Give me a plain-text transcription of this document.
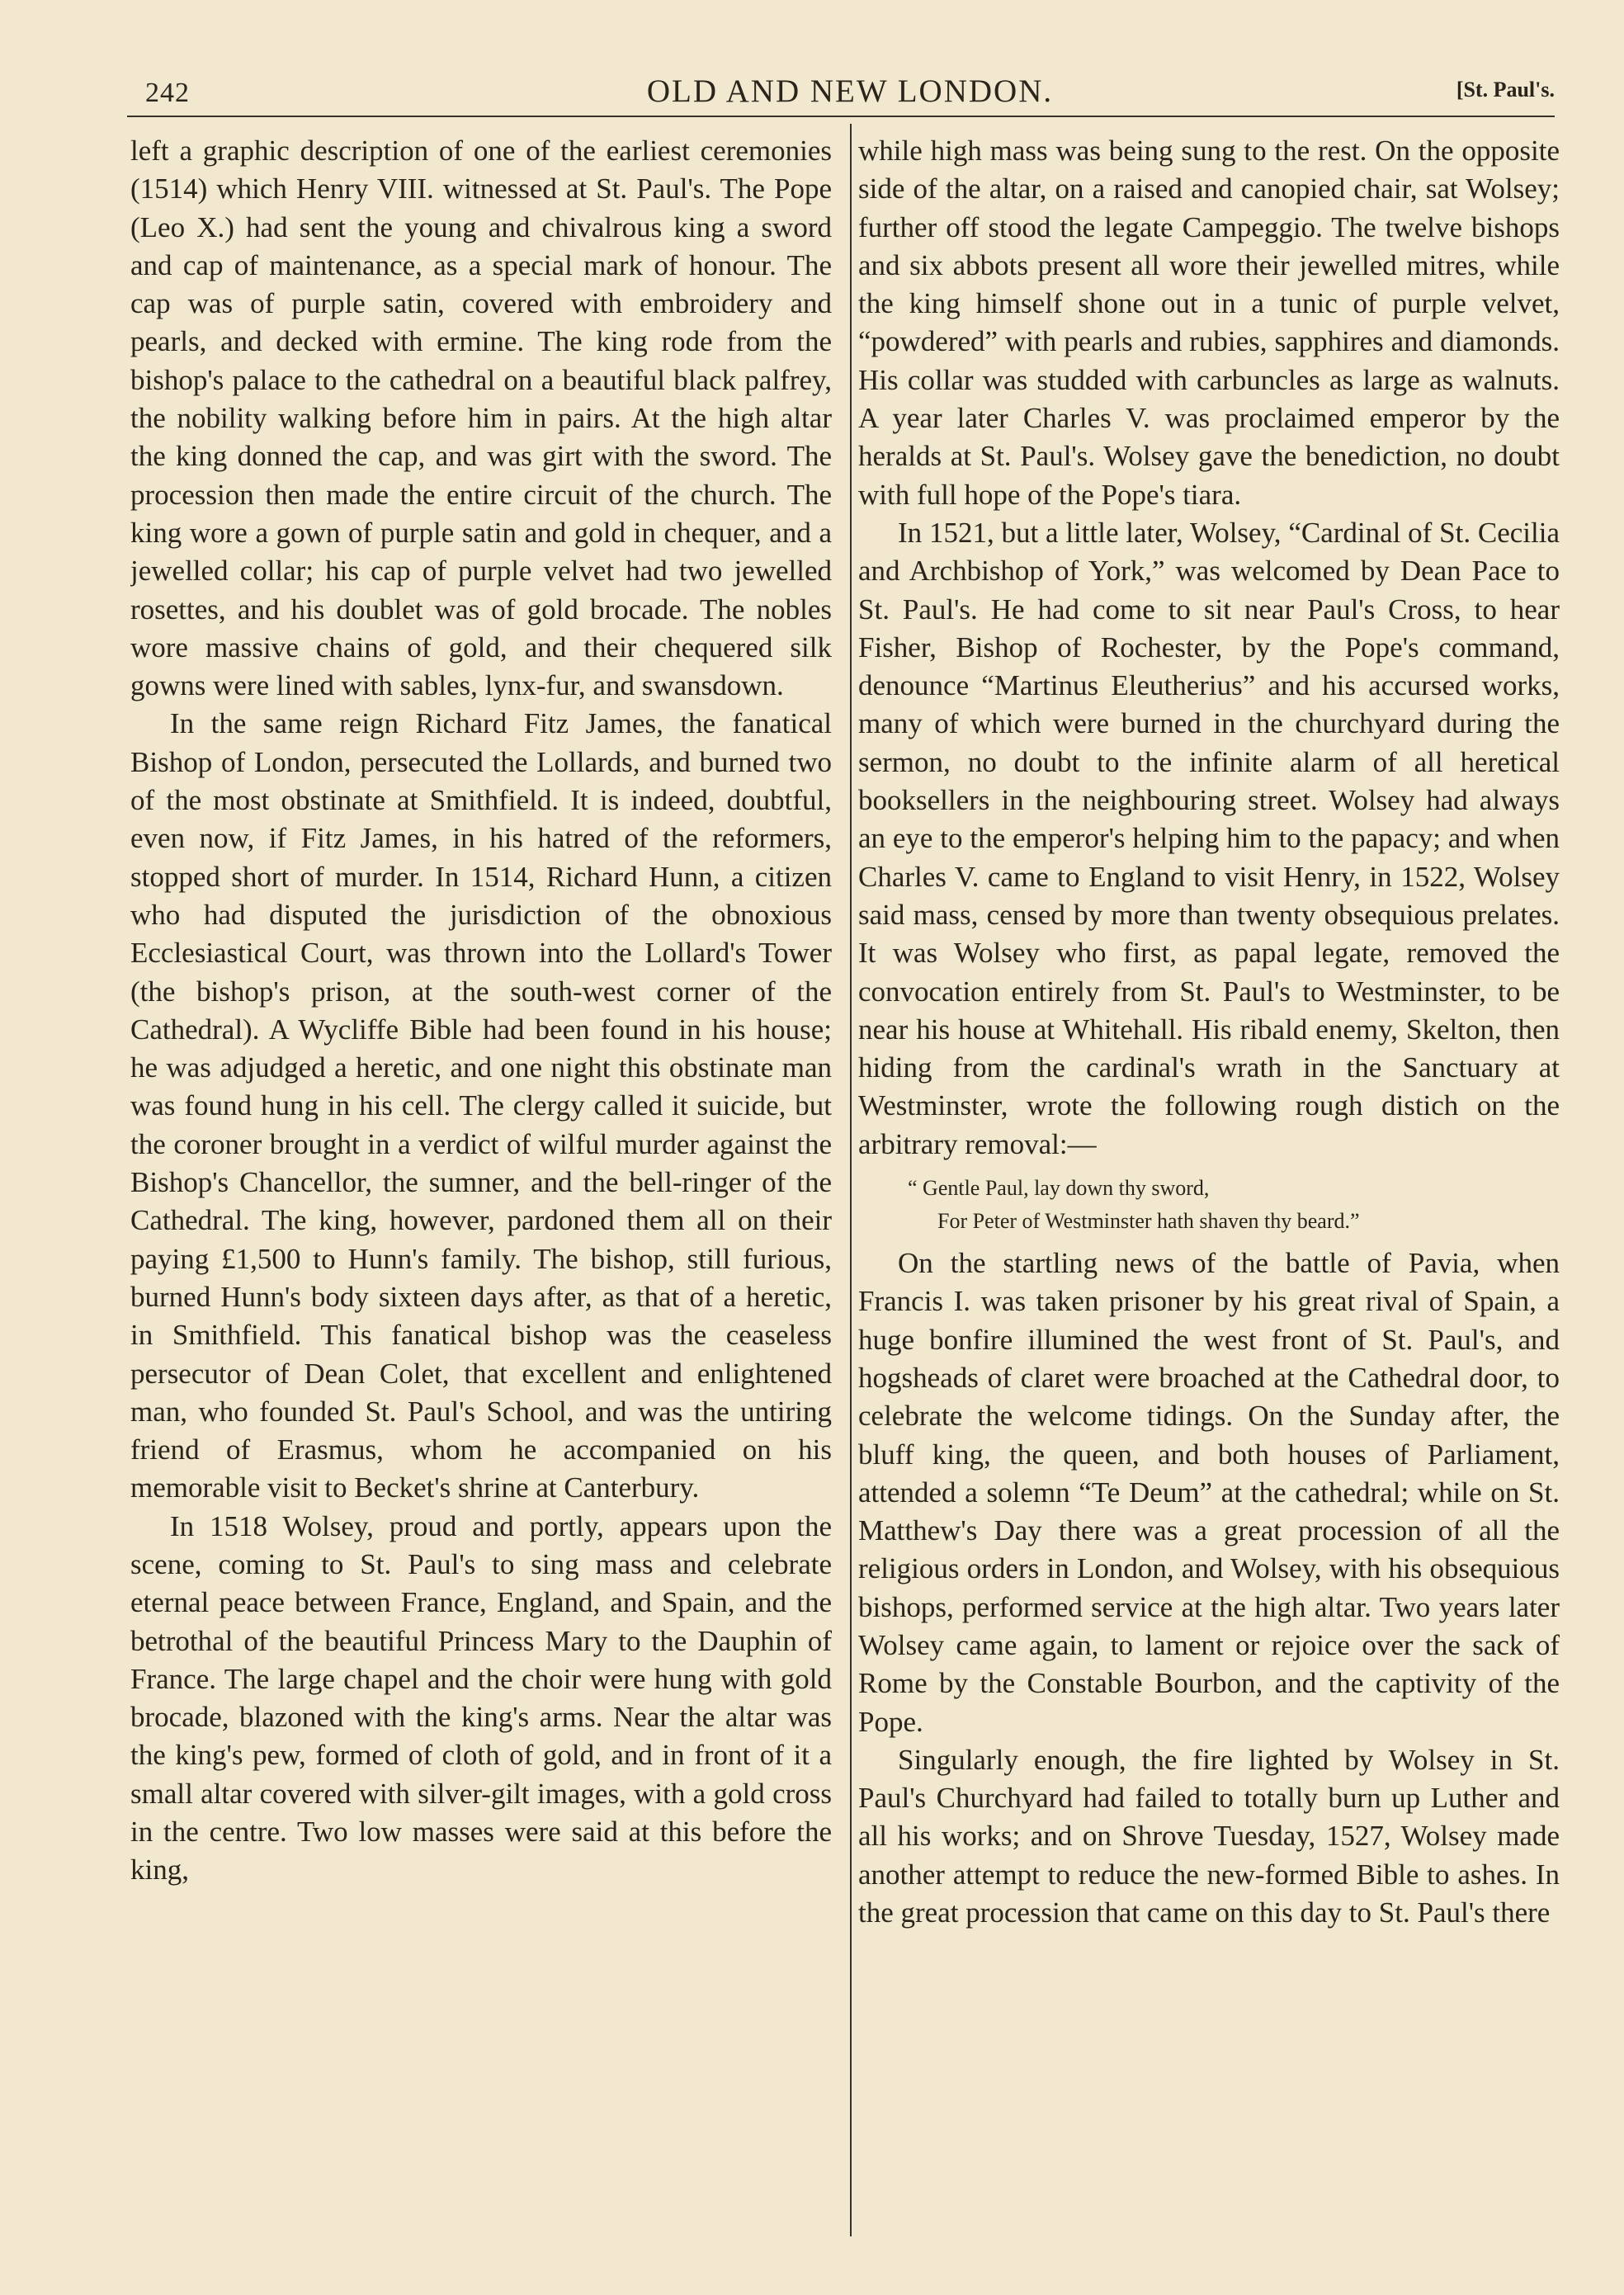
242	OLD AND NEW LONDON.	[St. Paul's.

left a graphic description of one of the earliest ceremonies (1514) which Henry VIII. witnessed at St. Paul's. The Pope (Leo X.) had sent the young and chivalrous king a sword and cap of maintenance, as a special mark of honour. The cap was of purple satin, covered with embroidery and pearls, and decked with ermine. The king rode from the bishop's palace to the cathedral on a beautiful black palfrey, the nobility walking before him in pairs. At the high altar the king donned the cap, and was girt with the sword. The procession then made the entire circuit of the church. The king wore a gown of purple satin and gold in chequer, and a jewelled collar; his cap of purple velvet had two jewelled rosettes, and his doublet was of gold brocade. The nobles wore massive chains of gold, and their chequered silk gowns were lined with sables, lynx-fur, and swansdown.

In the same reign Richard Fitz James, the fanatical Bishop of London, persecuted the Lollards, and burned two of the most obstinate at Smithfield. It is indeed, doubtful, even now, if Fitz James, in his hatred of the reformers, stopped short of murder. In 1514, Richard Hunn, a citizen who had disputed the jurisdiction of the obnoxious Ecclesiastical Court, was thrown into the Lollard's Tower (the bishop's prison, at the south-west corner of the Cathedral). A Wycliffe Bible had been found in his house; he was adjudged a heretic, and one night this obstinate man was found hung in his cell. The clergy called it suicide, but the coroner brought in a verdict of wilful murder against the Bishop's Chancellor, the sumner, and the bell-ringer of the Cathedral. The king, however, pardoned them all on their paying £1,500 to Hunn's family. The bishop, still furious, burned Hunn's body sixteen days after, as that of a heretic, in Smithfield. This fanatical bishop was the ceaseless persecutor of Dean Colet, that excellent and enlightened man, who founded St. Paul's School, and was the untiring friend of Erasmus, whom he accompanied on his memorable visit to Becket's shrine at Canterbury.

In 1518 Wolsey, proud and portly, appears upon the scene, coming to St. Paul's to sing mass and celebrate eternal peace between France, England, and Spain, and the betrothal of the beautiful Princess Mary to the Dauphin of France. The large chapel and the choir were hung with gold brocade, blazoned with the king's arms. Near the altar was the king's pew, formed of cloth of gold, and in front of it a small altar covered with silver-gilt images, with a gold cross in the centre. Two low masses were said at this before the king,

while high mass was being sung to the rest. On the opposite side of the altar, on a raised and canopied chair, sat Wolsey; further off stood the legate Campeggio. The twelve bishops and six abbots present all wore their jewelled mitres, while the king himself shone out in a tunic of purple velvet, “powdered” with pearls and rubies, sapphires and diamonds. His collar was studded with carbuncles as large as walnuts. A year later Charles V. was proclaimed emperor by the heralds at St. Paul's. Wolsey gave the benediction, no doubt with full hope of the Pope's tiara.

In 1521, but a little later, Wolsey, “Cardinal of St. Cecilia and Archbishop of York,” was welcomed by Dean Pace to St. Paul's. He had come to sit near Paul's Cross, to hear Fisher, Bishop of Rochester, by the Pope's command, denounce “Martinus Eleutherius” and his accursed works, many of which were burned in the churchyard during the sermon, no doubt to the infinite alarm of all heretical booksellers in the neighbouring street. Wolsey had always an eye to the emperor's helping him to the papacy; and when Charles V. came to England to visit Henry, in 1522, Wolsey said mass, censed by more than twenty obsequious prelates. It was Wolsey who first, as papal legate, removed the convocation entirely from St. Paul's to Westminster, to be near his house at Whitehall. His ribald enemy, Skelton, then hiding from the cardinal's wrath in the Sanctuary at Westminster, wrote the following rough distich on the arbitrary removal:—

“ Gentle Paul, lay down thy sword,
For Peter of Westminster hath shaven thy beard.”

On the startling news of the battle of Pavia, when Francis I. was taken prisoner by his great rival of Spain, a huge bonfire illumined the west front of St. Paul's, and hogsheads of claret were broached at the Cathedral door, to celebrate the welcome tidings. On the Sunday after, the bluff king, the queen, and both houses of Parliament, attended a solemn “Te Deum” at the cathedral; while on St. Matthew's Day there was a great procession of all the religious orders in London, and Wolsey, with his obsequious bishops, performed service at the high altar. Two years later Wolsey came again, to lament or rejoice over the sack of Rome by the Constable Bourbon, and the captivity of the Pope.

Singularly enough, the fire lighted by Wolsey in St. Paul's Churchyard had failed to totally burn up Luther and all his works; and on Shrove Tuesday, 1527, Wolsey made another attempt to reduce the new-formed Bible to ashes. In the great procession that came on this day to St. Paul's there
